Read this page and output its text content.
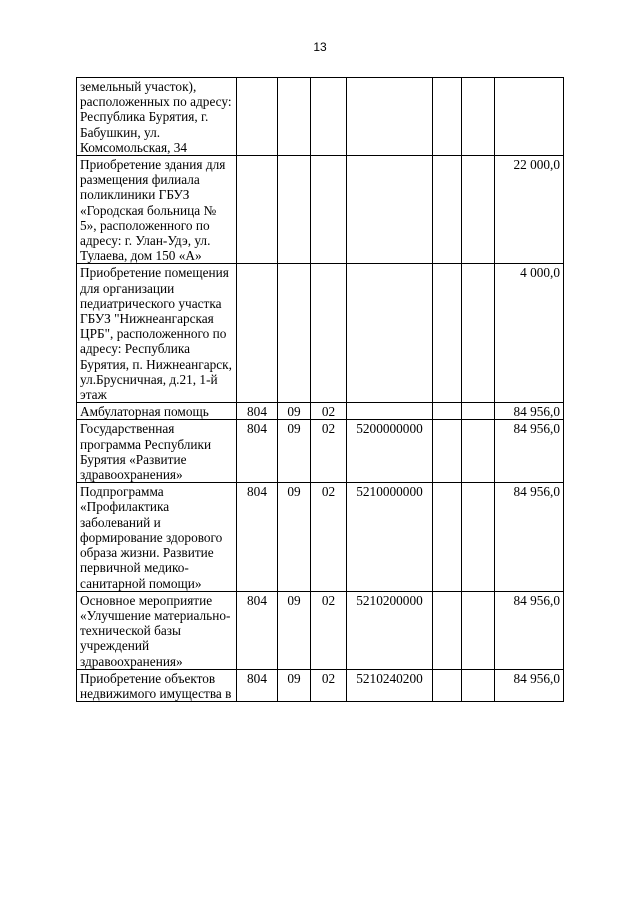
13
земельный участок), расположенных по адресу: Республика Бурятия, г. Бабушкин, ул. Комсомольская, 34							
Приобретение здания для размещения филиала поликлиники ГБУЗ «Городская больница № 5», расположенного по адресу: г. Улан-Удэ, ул. Тулаева, дом 150 «А»							22 000,0
Приобретение помещения для организации педиатрического участка ГБУЗ "Нижнеангарская ЦРБ", расположенного по адресу: Республика Бурятия, п. Нижнеангарск, ул.Брусничная, д.21, 1-й этаж							4 000,0
Амбулаторная помощь	804	09	02				84 956,0
Государственная программа Республики Бурятия «Развитие здравоохранения»	804	09	02	5200000000			84 956,0
Подпрограмма «Профилактика заболеваний и формирование здорового образа жизни. Развитие первичной медико-санитарной помощи»	804	09	02	5210000000			84 956,0
Основное мероприятие «Улучшение материально-технической базы учреждений здравоохранения»	804	09	02	5210200000			84 956,0
Приобретение объектов недвижимого имущества в	804	09	02	5210240200			84 956,0
